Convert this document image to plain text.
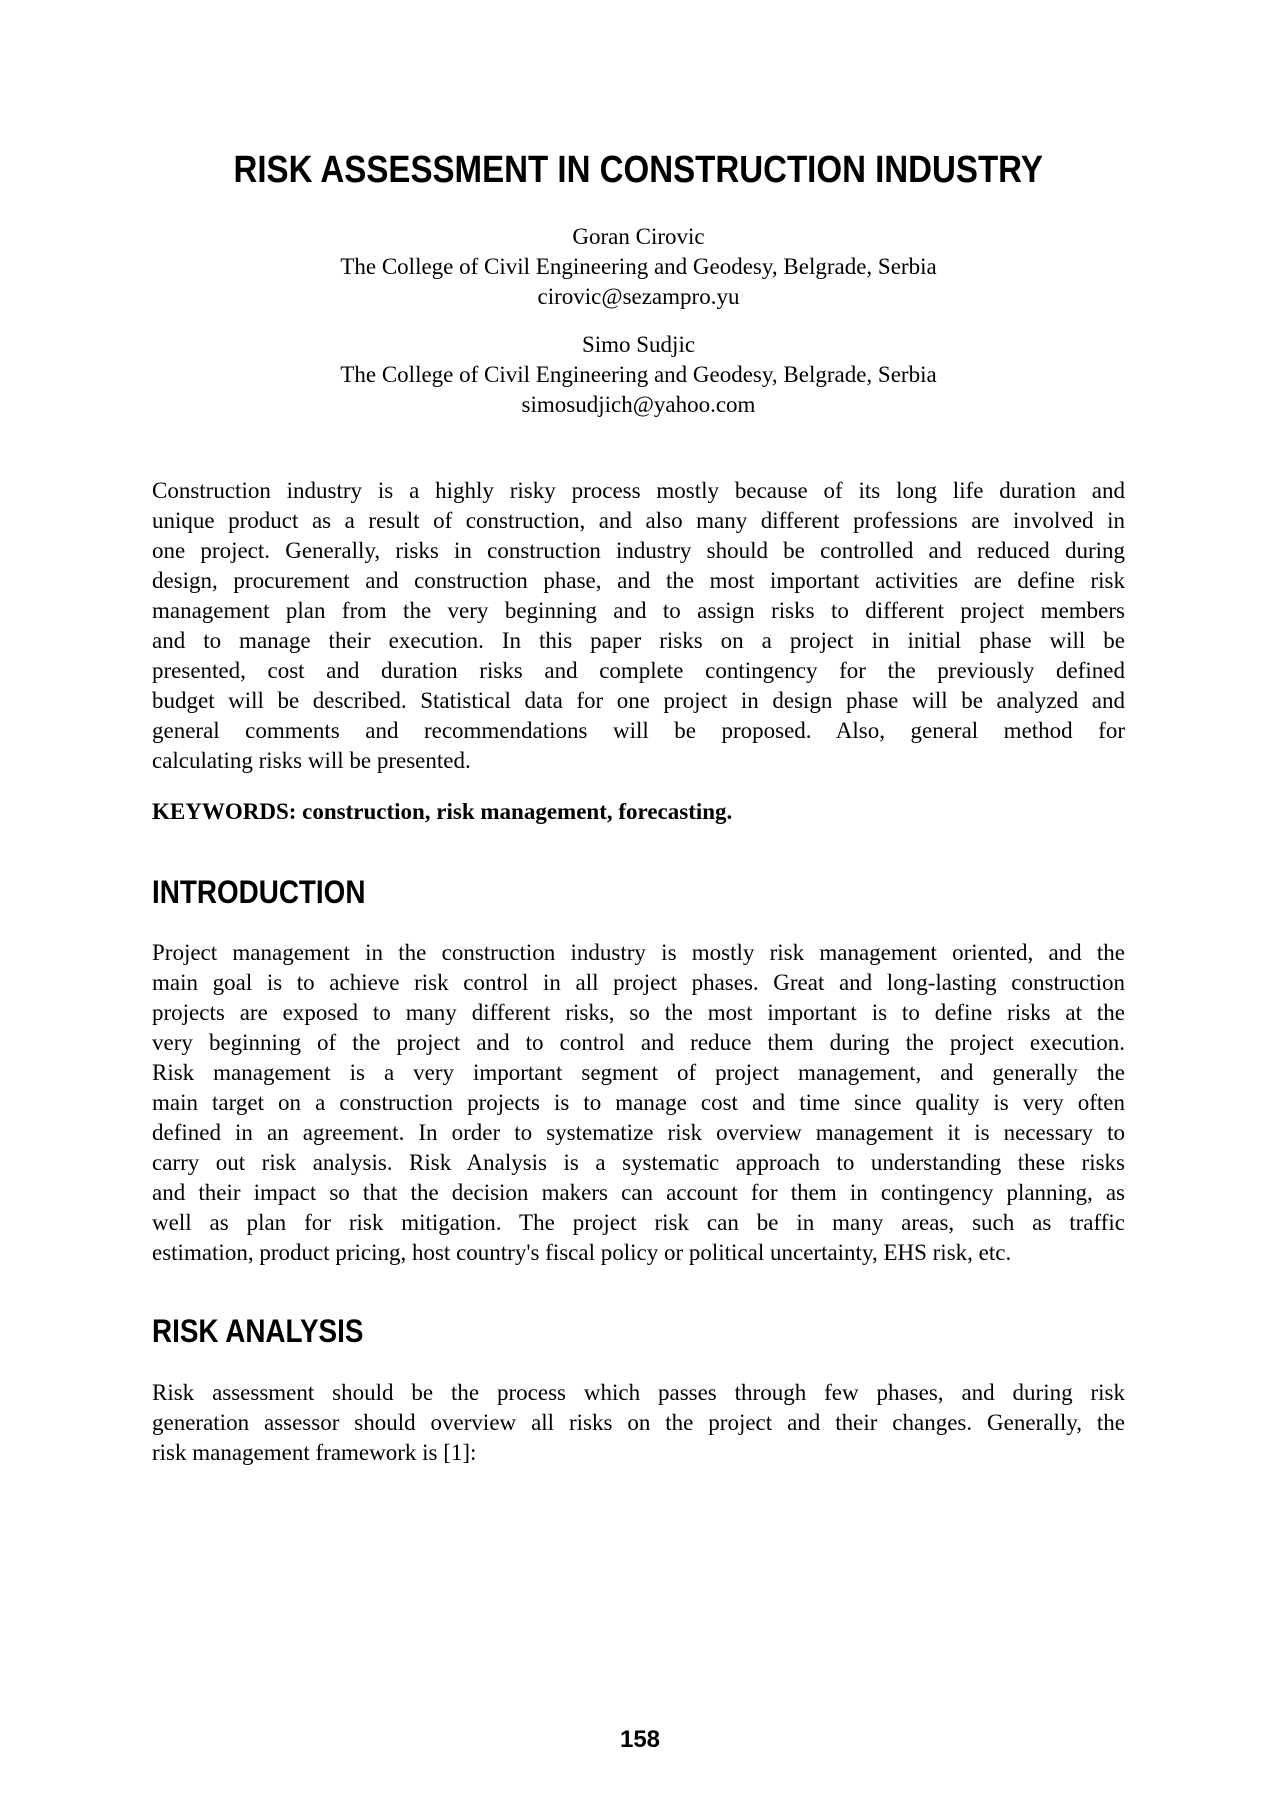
RISK ASSESSMENT IN CONSTRUCTION INDUSTRY
Goran Cirovic
The College of Civil Engineering and Geodesy, Belgrade, Serbia
cirovic@sezampro.yu
Simo Sudjic
The College of Civil Engineering and Geodesy, Belgrade, Serbia
simosudjich@yahoo.com
Construction industry is a highly risky process mostly because of its long life duration and
unique product as a result of construction, and also many different professions are involved in
one project. Generally, risks in construction industry should be controlled and reduced during
design, procurement and construction phase, and the most important activities are define risk
management plan from the very beginning and to assign risks to different project members
and to manage their execution. In this paper risks on a project in initial phase will be
presented, cost and duration risks and complete contingency for the previously defined
budget will be described. Statistical data for one project in design phase will be analyzed and
general comments and recommendations will be proposed. Also, general method for
calculating risks will be presented.
KEYWORDS: construction, risk management, forecasting.
INTRODUCTION
Project management in the construction industry is mostly risk management oriented, and the
main goal is to achieve risk control in all project phases. Great and long-lasting construction
projects are exposed to many different risks, so the most important is to define risks at the
very beginning of the project and to control and reduce them during the project execution.
Risk management is a very important segment of project management, and generally the
main target on a construction projects is to manage cost and time since quality is very often
defined in an agreement. In order to systematize risk overview management it is necessary to
carry out risk analysis. Risk Analysis is a systematic approach to understanding these risks
and their impact so that the decision makers can account for them in contingency planning, as
well as plan for risk mitigation. The project risk can be in many areas, such as traffic
estimation, product pricing, host country's fiscal policy or political uncertainty, EHS risk, etc.
RISK ANALYSIS
Risk assessment should be the process which passes through few phases, and during risk
generation assessor should overview all risks on the project and their changes. Generally, the
risk management framework is [1]:
158
